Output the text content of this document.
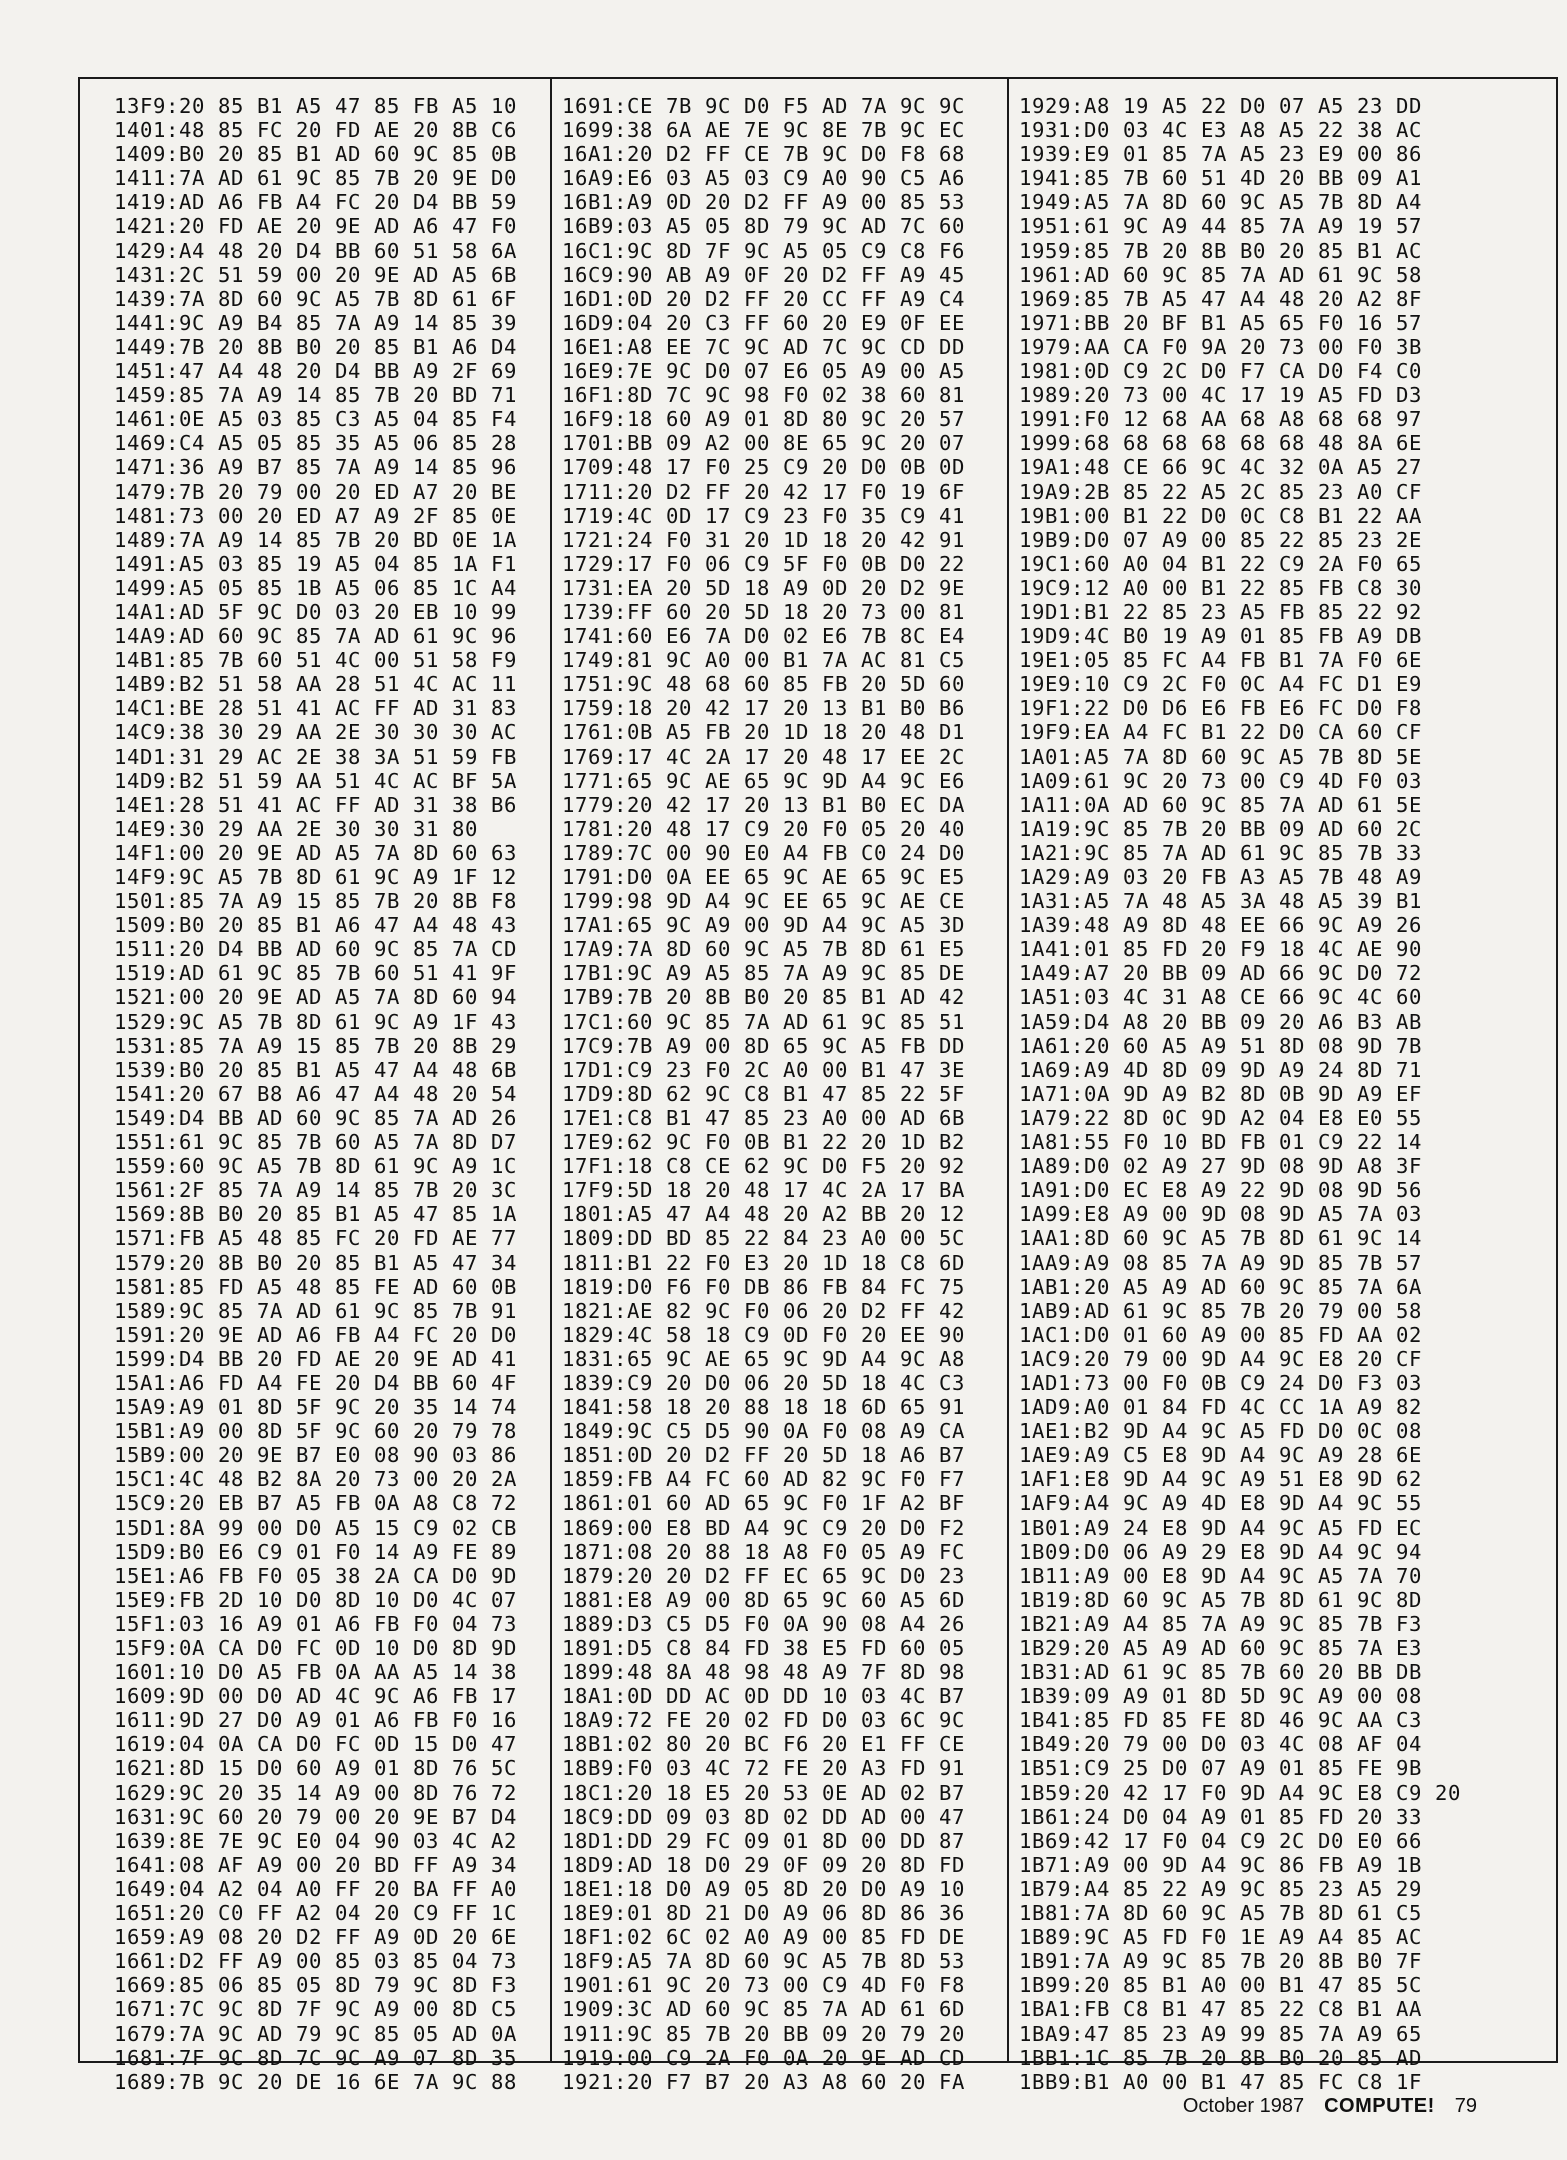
13F9:20 85 B1 A5 47 85 FB A5 10
1401:48 85 FC 20 FD AE 20 8B C6
1409:B0 20 85 B1 AD 60 9C 85 0B
1411:7A AD 61 9C 85 7B 20 9E D0
1419:AD A6 FB A4 FC 20 D4 BB 59
1421:20 FD AE 20 9E AD A6 47 F0
1429:A4 48 20 D4 BB 60 51 58 6A
1431:2C 51 59 00 20 9E AD A5 6B
1439:7A 8D 60 9C A5 7B 8D 61 6F
1441:9C A9 B4 85 7A A9 14 85 39
1449:7B 20 8B B0 20 85 B1 A6 D4
1451:47 A4 48 20 D4 BB A9 2F 69
1459:85 7A A9 14 85 7B 20 BD 71
1461:0E A5 03 85 C3 A5 04 85 F4
1469:C4 A5 05 85 35 A5 06 85 28
1471:36 A9 B7 85 7A A9 14 85 96
1479:7B 20 79 00 20 ED A7 20 BE
1481:73 00 20 ED A7 A9 2F 85 0E
1489:7A A9 14 85 7B 20 BD 0E 1A
1491:A5 03 85 19 A5 04 85 1A F1
1499:A5 05 85 1B A5 06 85 1C A4
14A1:AD 5F 9C D0 03 20 EB 10 99
14A9:AD 60 9C 85 7A AD 61 9C 96
14B1:85 7B 60 51 4C 00 51 58 F9
14B9:B2 51 58 AA 28 51 4C AC 11
14C1:BE 28 51 41 AC FF AD 31 83
14C9:38 30 29 AA 2E 30 30 30 AC
14D1:31 29 AC 2E 38 3A 51 59 FB
14D9:B2 51 59 AA 51 4C AC BF 5A
14E1:28 51 41 AC FF AD 31 38 B6
14E9:30 29 AA 2E 30 30 31 80
14F1:00 20 9E AD A5 7A 8D 60 63
14F9:9C A5 7B 8D 61 9C A9 1F 12
1501:85 7A A9 15 85 7B 20 8B F8
1509:B0 20 85 B1 A6 47 A4 48 43
1511:20 D4 BB AD 60 9C 85 7A CD
1519:AD 61 9C 85 7B 60 51 41 9F
1521:00 20 9E AD A5 7A 8D 60 94
1529:9C A5 7B 8D 61 9C A9 1F 43
1531:85 7A A9 15 85 7B 20 8B 29
1539:B0 20 85 B1 A5 47 A4 48 6B
1541:20 67 B8 A6 47 A4 48 20 54
1549:D4 BB AD 60 9C 85 7A AD 26
1551:61 9C 85 7B 60 A5 7A 8D D7
1559:60 9C A5 7B 8D 61 9C A9 1C
1561:2F 85 7A A9 14 85 7B 20 3C
1569:8B B0 20 85 B1 A5 47 85 1A
1571:FB A5 48 85 FC 20 FD AE 77
1579:20 8B B0 20 85 B1 A5 47 34
1581:85 FD A5 48 85 FE AD 60 0B
1589:9C 85 7A AD 61 9C 85 7B 91
1591:20 9E AD A6 FB A4 FC 20 D0
1599:D4 BB 20 FD AE 20 9E AD 41
15A1:A6 FD A4 FE 20 D4 BB 60 4F
15A9:A9 01 8D 5F 9C 20 35 14 74
15B1:A9 00 8D 5F 9C 60 20 79 78
15B9:00 20 9E B7 E0 08 90 03 86
15C1:4C 48 B2 8A 20 73 00 20 2A
15C9:20 EB B7 A5 FB 0A A8 C8 72
15D1:8A 99 00 D0 A5 15 C9 02 CB
15D9:B0 E6 C9 01 F0 14 A9 FE 89
15E1:A6 FB F0 05 38 2A CA D0 9D
15E9:FB 2D 10 D0 8D 10 D0 4C 07
15F1:03 16 A9 01 A6 FB F0 04 73
15F9:0A CA D0 FC 0D 10 D0 8D 9D
1601:10 D0 A5 FB 0A AA A5 14 38
1609:9D 00 D0 AD 4C 9C A6 FB 17
1611:9D 27 D0 A9 01 A6 FB F0 16
1619:04 0A CA D0 FC 0D 15 D0 47
1621:8D 15 D0 60 A9 01 8D 76 5C
1629:9C 20 35 14 A9 00 8D 76 72
1631:9C 60 20 79 00 20 9E B7 D4
1639:8E 7E 9C E0 04 90 03 4C A2
1641:08 AF A9 00 20 BD FF A9 34
1649:04 A2 04 A0 FF 20 BA FF A0
1651:20 C0 FF A2 04 20 C9 FF 1C
1659:A9 08 20 D2 FF A9 0D 20 6E
1661:D2 FF A9 00 85 03 85 04 73
1669:85 06 85 05 8D 79 9C 8D F3
1671:7C 9C 8D 7F 9C A9 00 8D C5
1679:7A 9C AD 79 9C 85 05 AD 0A
1681:7F 9C 8D 7C 9C A9 07 8D 35
1689:7B 9C 20 DE 16 6E 7A 9C 88
1691:CE 7B 9C D0 F5 AD 7A 9C 9C
1699:38 6A AE 7E 9C 8E 7B 9C EC
16A1:20 D2 FF CE 7B 9C D0 F8 68
16A9:E6 03 A5 03 C9 A0 90 C5 A6
16B1:A9 0D 20 D2 FF A9 00 85 53
16B9:03 A5 05 8D 79 9C AD 7C 60
16C1:9C 8D 7F 9C A5 05 C9 C8 F6
16C9:90 AB A9 0F 20 D2 FF A9 45
16D1:0D 20 D2 FF 20 CC FF A9 C4
16D9:04 20 C3 FF 60 20 E9 0F EE
16E1:A8 EE 7C 9C AD 7C 9C CD DD
16E9:7E 9C D0 07 E6 05 A9 00 A5
16F1:8D 7C 9C 98 F0 02 38 60 81
16F9:18 60 A9 01 8D 80 9C 20 57
1701:BB 09 A2 00 8E 65 9C 20 07
1709:48 17 F0 25 C9 20 D0 0B 0D
1711:20 D2 FF 20 42 17 F0 19 6F
1719:4C 0D 17 C9 23 F0 35 C9 41
1721:24 F0 31 20 1D 18 20 42 91
1729:17 F0 06 C9 5F F0 0B D0 22
1731:EA 20 5D 18 A9 0D 20 D2 9E
1739:FF 60 20 5D 18 20 73 00 81
1741:60 E6 7A D0 02 E6 7B 8C E4
1749:81 9C A0 00 B1 7A AC 81 C5
1751:9C 48 68 60 85 FB 20 5D 60
1759:18 20 42 17 20 13 B1 B0 B6
1761:0B A5 FB 20 1D 18 20 48 D1
1769:17 4C 2A 17 20 48 17 EE 2C
1771:65 9C AE 65 9C 9D A4 9C E6
1779:20 42 17 20 13 B1 B0 EC DA
1781:20 48 17 C9 20 F0 05 20 40
1789:7C 00 90 E0 A4 FB C0 24 D0
1791:D0 0A EE 65 9C AE 65 9C E5
1799:98 9D A4 9C EE 65 9C AE CE
17A1:65 9C A9 00 9D A4 9C A5 3D
17A9:7A 8D 60 9C A5 7B 8D 61 E5
17B1:9C A9 A5 85 7A A9 9C 85 DE
17B9:7B 20 8B B0 20 85 B1 AD 42
17C1:60 9C 85 7A AD 61 9C 85 51
17C9:7B A9 00 8D 65 9C A5 FB DD
17D1:C9 23 F0 2C A0 00 B1 47 3E
17D9:8D 62 9C C8 B1 47 85 22 5F
17E1:C8 B1 47 85 23 A0 00 AD 6B
17E9:62 9C F0 0B B1 22 20 1D B2
17F1:18 C8 CE 62 9C D0 F5 20 92
17F9:5D 18 20 48 17 4C 2A 17 BA
1801:A5 47 A4 48 20 A2 BB 20 12
1809:DD BD 85 22 84 23 A0 00 5C
1811:B1 22 F0 E3 20 1D 18 C8 6D
1819:D0 F6 F0 DB 86 FB 84 FC 75
1821:AE 82 9C F0 06 20 D2 FF 42
1829:4C 58 18 C9 0D F0 20 EE 90
1831:65 9C AE 65 9C 9D A4 9C A8
1839:C9 20 D0 06 20 5D 18 4C C3
1841:58 18 20 88 18 18 6D 65 91
1849:9C C5 D5 90 0A F0 08 A9 CA
1851:0D 20 D2 FF 20 5D 18 A6 B7
1859:FB A4 FC 60 AD 82 9C F0 F7
1861:01 60 AD 65 9C F0 1F A2 BF
1869:00 E8 BD A4 9C C9 20 D0 F2
1871:08 20 88 18 A8 F0 05 A9 FC
1879:20 20 D2 FF EC 65 9C D0 23
1881:E8 A9 00 8D 65 9C 60 A5 6D
1889:D3 C5 D5 F0 0A 90 08 A4 26
1891:D5 C8 84 FD 38 E5 FD 60 05
1899:48 8A 48 98 48 A9 7F 8D 98
18A1:0D DD AC 0D DD 10 03 4C B7
18A9:72 FE 20 02 FD D0 03 6C 9C
18B1:02 80 20 BC F6 20 E1 FF CE
18B9:F0 03 4C 72 FE 20 A3 FD 91
18C1:20 18 E5 20 53 0E AD 02 B7
18C9:DD 09 03 8D 02 DD AD 00 47
18D1:DD 29 FC 09 01 8D 00 DD 87
18D9:AD 18 D0 29 0F 09 20 8D FD
18E1:18 D0 A9 05 8D 20 D0 A9 10
18E9:01 8D 21 D0 A9 06 8D 86 36
18F1:02 6C 02 A0 A9 00 85 FD DE
18F9:A5 7A 8D 60 9C A5 7B 8D 53
1901:61 9C 20 73 00 C9 4D F0 F8
1909:3C AD 60 9C 85 7A AD 61 6D
1911:9C 85 7B 20 BB 09 20 79 20
1919:00 C9 2A F0 0A 20 9E AD CD
1921:20 F7 B7 20 A3 A8 60 20 FA
1929:A8 19 A5 22 D0 07 A5 23 DD
1931:D0 03 4C E3 A8 A5 22 38 AC
1939:E9 01 85 7A A5 23 E9 00 86
1941:85 7B 60 51 4D 20 BB 09 A1
1949:A5 7A 8D 60 9C A5 7B 8D A4
1951:61 9C A9 44 85 7A A9 19 57
1959:85 7B 20 8B B0 20 85 B1 AC
1961:AD 60 9C 85 7A AD 61 9C 58
1969:85 7B A5 47 A4 48 20 A2 8F
1971:BB 20 BF B1 A5 65 F0 16 57
1979:AA CA F0 9A 20 73 00 F0 3B
1981:0D C9 2C D0 F7 CA D0 F4 C0
1989:20 73 00 4C 17 19 A5 FD D3
1991:F0 12 68 AA 68 A8 68 68 97
1999:68 68 68 68 68 68 48 8A 6E
19A1:48 CE 66 9C 4C 32 0A A5 27
19A9:2B 85 22 A5 2C 85 23 A0 CF
19B1:00 B1 22 D0 0C C8 B1 22 AA
19B9:D0 07 A9 00 85 22 85 23 2E
19C1:60 A0 04 B1 22 C9 2A F0 65
19C9:12 A0 00 B1 22 85 FB C8 30
19D1:B1 22 85 23 A5 FB 85 22 92
19D9:4C B0 19 A9 01 85 FB A9 DB
19E1:05 85 FC A4 FB B1 7A F0 6E
19E9:10 C9 2C F0 0C A4 FC D1 E9
19F1:22 D0 D6 E6 FB E6 FC D0 F8
19F9:EA A4 FC B1 22 D0 CA 60 CF
1A01:A5 7A 8D 60 9C A5 7B 8D 5E
1A09:61 9C 20 73 00 C9 4D F0 03
1A11:0A AD 60 9C 85 7A AD 61 5E
1A19:9C 85 7B 20 BB 09 AD 60 2C
1A21:9C 85 7A AD 61 9C 85 7B 33
1A29:A9 03 20 FB A3 A5 7B 48 A9
1A31:A5 7A 48 A5 3A 48 A5 39 B1
1A39:48 A9 8D 48 EE 66 9C A9 26
1A41:01 85 FD 20 F9 18 4C AE 90
1A49:A7 20 BB 09 AD 66 9C D0 72
1A51:03 4C 31 A8 CE 66 9C 4C 60
1A59:D4 A8 20 BB 09 20 A6 B3 AB
1A61:20 60 A5 A9 51 8D 08 9D 7B
1A69:A9 4D 8D 09 9D A9 24 8D 71
1A71:0A 9D A9 B2 8D 0B 9D A9 EF
1A79:22 8D 0C 9D A2 04 E8 E0 55
1A81:55 F0 10 BD FB 01 C9 22 14
1A89:D0 02 A9 27 9D 08 9D A8 3F
1A91:D0 EC E8 A9 22 9D 08 9D 56
1A99:E8 A9 00 9D 08 9D A5 7A 03
1AA1:8D 60 9C A5 7B 8D 61 9C 14
1AA9:A9 08 85 7A A9 9D 85 7B 57
1AB1:20 A5 A9 AD 60 9C 85 7A 6A
1AB9:AD 61 9C 85 7B 20 79 00 58
1AC1:D0 01 60 A9 00 85 FD AA 02
1AC9:20 79 00 9D A4 9C E8 20 CF
1AD1:73 00 F0 0B C9 24 D0 F3 03
1AD9:A0 01 84 FD 4C CC 1A A9 82
1AE1:B2 9D A4 9C A5 FD D0 0C 08
1AE9:A9 C5 E8 9D A4 9C A9 28 6E
1AF1:E8 9D A4 9C A9 51 E8 9D 62
1AF9:A4 9C A9 4D E8 9D A4 9C 55
1B01:A9 24 E8 9D A4 9C A5 FD EC
1B09:D0 06 A9 29 E8 9D A4 9C 94
1B11:A9 00 E8 9D A4 9C A5 7A 70
1B19:8D 60 9C A5 7B 8D 61 9C 8D
1B21:A9 A4 85 7A A9 9C 85 7B F3
1B29:20 A5 A9 AD 60 9C 85 7A E3
1B31:AD 61 9C 85 7B 60 20 BB DB
1B39:09 A9 01 8D 5D 9C A9 00 08
1B41:85 FD 85 FE 8D 46 9C AA C3
1B49:20 79 00 D0 03 4C 08 AF 04
1B51:C9 25 D0 07 A9 01 85 FE 9B
1B59:20 42 17 F0 9D A4 9C E8 C9 20
1B61:24 D0 04 A9 01 85 FD 20 33
1B69:42 17 F0 04 C9 2C D0 E0 66
1B71:A9 00 9D A4 9C 86 FB A9 1B
1B79:A4 85 22 A9 9C 85 23 A5 29
1B81:7A 8D 60 9C A5 7B 8D 61 C5
1B89:9C A5 FD F0 1E A9 A4 85 AC
1B91:7A A9 9C 85 7B 20 8B B0 7F
1B99:20 85 B1 A0 00 B1 47 85 5C
1BA1:FB C8 B1 47 85 22 C8 B1 AA
1BA9:47 85 23 A9 99 85 7A A9 65
1BB1:1C 85 7B 20 8B B0 20 85 AD
1BB9:B1 A0 00 B1 47 85 FC C8 1F
October 1987 COMPUTE! 79
